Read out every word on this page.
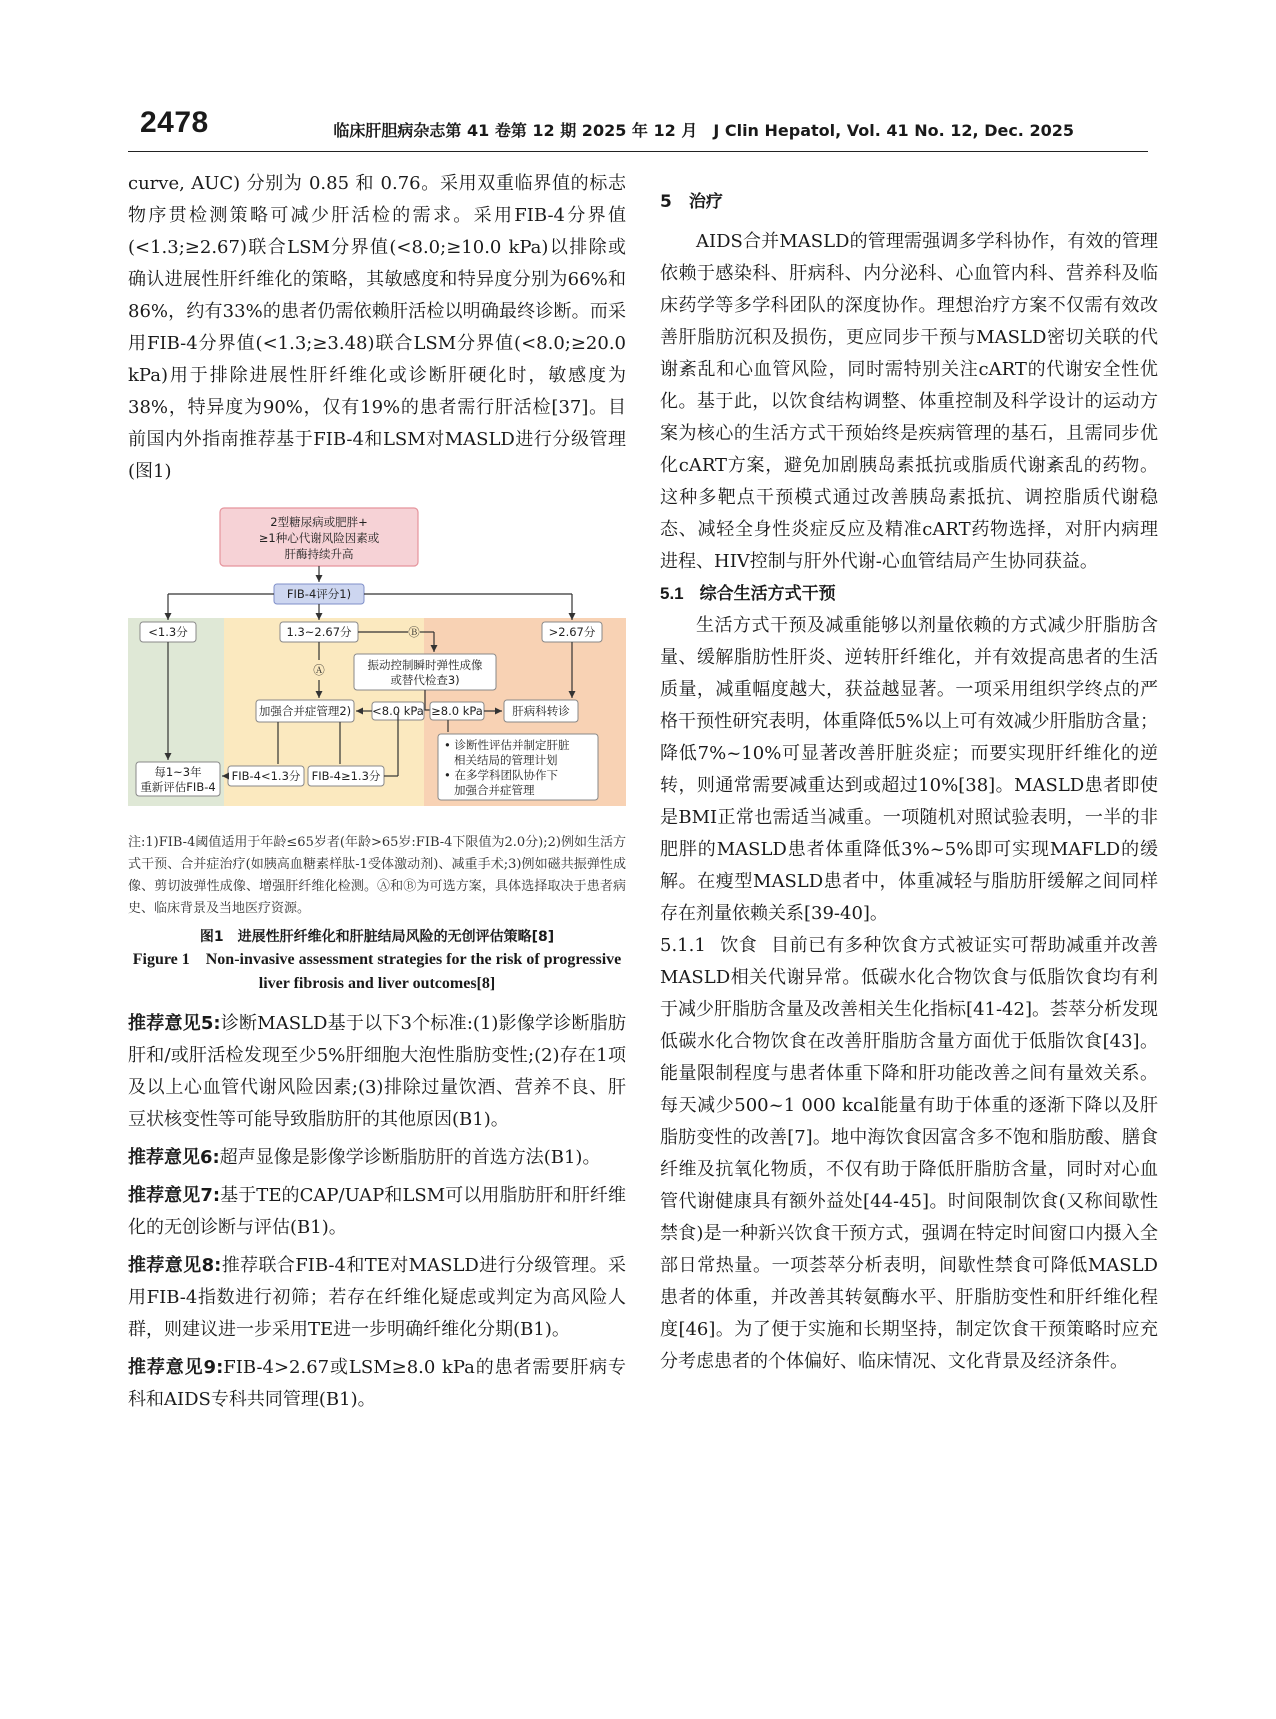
2478	临床肝胆病杂志第 41 卷第 12 期 2025 年 12 月　J Clin Hepatol, Vol. 41 No. 12, Dec. 2025

curve, AUC) 分别为 0.85 和 0.76。采用双重临界值的标志物序贯检测策略可减少肝活检的需求。采用FIB-4分界值(<1.3;≥2.67)联合LSM分界值(<8.0;≥10.0 kPa)以排除或确认进展性肝纤维化的策略，其敏感度和特异度分别为66%和86%，约有33%的患者仍需依赖肝活检以明确最终诊断。而采用FIB-4分界值(<1.3;≥3.48)联合LSM分界值(<8.0;≥20.0 kPa)用于排除进展性肝纤维化或诊断肝硬化时，敏感度为38%，特异度为90%，仅有19%的患者需行肝活检[37]。目前国内外指南推荐基于FIB-4和LSM对MASLD进行分级管理(图1)

2型糖尿病或肥胖+
≥1种心代谢风险因素或
肝酶持续升高
FIB-4评分1)
<1.3分	1.3~2.67分	>2.67分
Ⓑ
振动控制瞬时弹性成像
或替代检查3)
Ⓐ
加强合并症管理2) <8.0 kPa ≥8.0 kPa	肝病科转诊
每1~3年
重新评估FIB-4
FIB-4<1.3分 FIB-4≥1.3分
• 诊断性评估并制定肝脏
相关结局的管理计划
• 在多学科团队协作下
加强合并症管理

注:1)FIB-4阈值适用于年龄≤65岁者(年龄>65岁:FIB-4下限值为2.0分);2)例如生活方式干预、合并症治疗(如胰高血糖素样肽-1受体激动剂)、减重手术;3)例如磁共振弹性成像、剪切波弹性成像、增强肝纤维化检测。Ⓐ和Ⓑ为可选方案，具体选择取决于患者病史、临床背景及当地医疗资源。

图1　进展性肝纤维化和肝脏结局风险的无创评估策略[8]

Figure 1　Non-invasive assessment strategies for the risk of progressive liver fibrosis and liver outcomes[8]

推荐意见5:诊断MASLD基于以下3个标准:(1)影像学诊断脂肪肝和/或肝活检发现至少5%肝细胞大泡性脂肪变性;(2)存在1项及以上心血管代谢风险因素;(3)排除过量饮酒、营养不良、肝豆状核变性等可能导致脂肪肝的其他原因(B1)。

推荐意见6:超声显像是影像学诊断脂肪肝的首选方法(B1)。

推荐意见7:基于TE的CAP/UAP和LSM可以用脂肪肝和肝纤维化的无创诊断与评估(B1)。

推荐意见8:推荐联合FIB-4和TE对MASLD进行分级管理。采用FIB-4指数进行初筛；若存在纤维化疑虑或判定为高风险人群，则建议进一步采用TE进一步明确纤维化分期(B1)。

推荐意见9:FIB-4>2.67或LSM≥8.0 kPa的患者需要肝病专科和AIDS专科共同管理(B1)。

5　治疗

AIDS合并MASLD的管理需强调多学科协作，有效的管理依赖于感染科、肝病科、内分泌科、心血管内科、营养科及临床药学等多学科团队的深度协作。理想治疗方案不仅需有效改善肝脂肪沉积及损伤，更应同步干预与MASLD密切关联的代谢紊乱和心血管风险，同时需特别关注cART的代谢安全性优化。基于此，以饮食结构调整、体重控制及科学设计的运动方案为核心的生活方式干预始终是疾病管理的基石，且需同步优化cART方案，避免加剧胰岛素抵抗或脂质代谢紊乱的药物。这种多靶点干预模式通过改善胰岛素抵抗、调控脂质代谢稳态、减轻全身性炎症反应及精准cART药物选择，对肝内病理进程、HIV控制与肝外代谢-心血管结局产生协同获益。

5.1 综合生活方式干预

生活方式干预及减重能够以剂量依赖的方式减少肝脂肪含量、缓解脂肪性肝炎、逆转肝纤维化，并有效提高患者的生活质量，减重幅度越大，获益越显著。一项采用组织学终点的严格干预性研究表明，体重降低5%以上可有效减少肝脂肪含量；降低7%~10%可显著改善肝脏炎症；而要实现肝纤维化的逆转，则通常需要减重达到或超过10%[38]。MASLD患者即使是BMI正常也需适当减重。一项随机对照试验表明，一半的非肥胖的MASLD患者体重降低3%~5%即可实现MAFLD的缓解。在瘦型MASLD患者中，体重减轻与脂肪肝缓解之间同样存在剂量依赖关系[39-40]。

5.1.1 饮食 目前已有多种饮食方式被证实可帮助减重并改善MASLD相关代谢异常。低碳水化合物饮食与低脂饮食均有利于减少肝脂肪含量及改善相关生化指标[41-42]。荟萃分析发现低碳水化合物饮食在改善肝脂肪含量方面优于低脂饮食[43]。能量限制程度与患者体重下降和肝功能改善之间有量效关系。每天减少500~1 000 kcal能量有助于体重的逐渐下降以及肝脂肪变性的改善[7]。地中海饮食因富含多不饱和脂肪酸、膳食纤维及抗氧化物质，不仅有助于降低肝脂肪含量，同时对心血管代谢健康具有额外益处[44-45]。时间限制饮食(又称间歇性禁食)是一种新兴饮食干预方式，强调在特定时间窗口内摄入全部日常热量。一项荟萃分析表明，间歇性禁食可降低MASLD患者的体重，并改善其转氨酶水平、肝脂肪变性和肝纤维化程度[46]。为了便于实施和长期坚持，制定饮食干预策略时应充分考虑患者的个体偏好、临床情况、文化背景及经济条件。
